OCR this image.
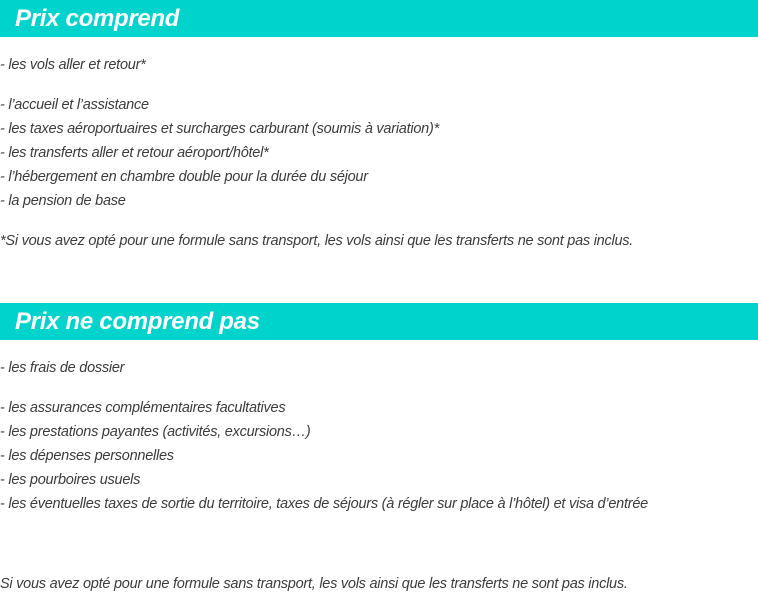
Prix comprend
- les vols aller et retour*
- l’accueil et l’assistance
- les taxes aéroportuaires et surcharges carburant (soumis à variation)*
- les transferts aller et retour aéroport/hôtel*
- l’hébergement en chambre double pour la durée du séjour
- la pension de base
*Si vous avez opté pour une formule sans transport, les vols ainsi que les transferts ne sont pas inclus.
Prix ne comprend pas
- les frais de dossier
- les assurances complémentaires facultatives
- les prestations payantes (activités, excursions…)
- les dépenses personnelles
- les pourboires usuels
- les éventuelles taxes de sortie du territoire, taxes de séjours (à régler sur place à l’hôtel) et visa d’entrée
Si vous avez opté pour une formule sans transport, les vols ainsi que les transferts ne sont pas inclus.
